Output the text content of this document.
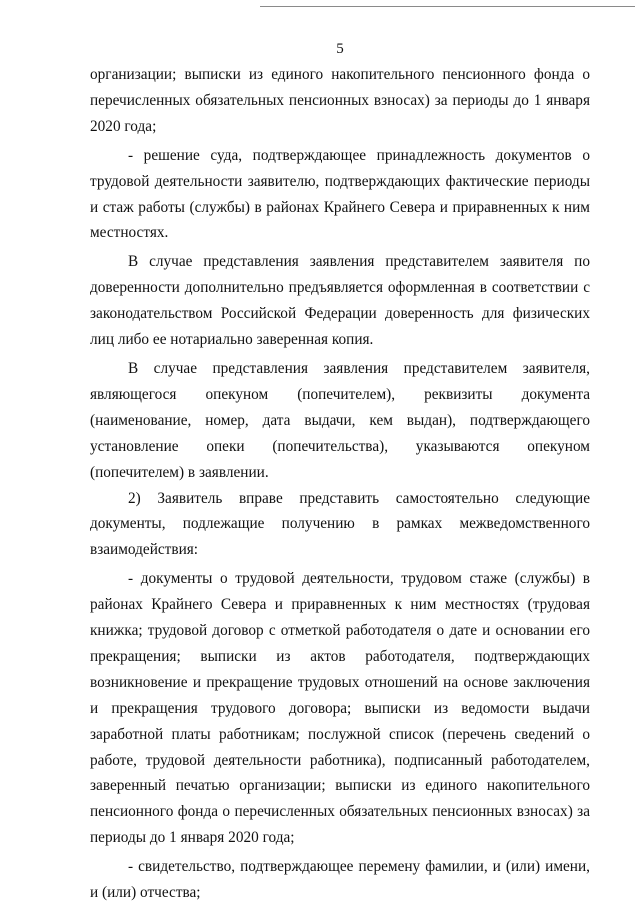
5

организации; выписки из единого накопительного пенсионного фонда о перечисленных обязательных пенсионных взносах) за периоды до 1 января 2020 года;

- решение суда, подтверждающее принадлежность документов о трудовой деятельности заявителю, подтверждающих фактические периоды и стаж работы (службы) в районах Крайнего Севера и приравненных к ним местностях.

В случае представления заявления представителем заявителя по доверенности дополнительно предъявляется оформленная в соответствии с законодательством Российской Федерации доверенность для физических лиц либо ее нотариально заверенная копия.

В случае представления заявления представителем заявителя, являющегося опекуном (попечителем), реквизиты документа (наименование, номер, дата выдачи, кем выдан), подтверждающего установление опеки (попечительства), указываются опекуном (попечителем) в заявлении.

2) Заявитель вправе представить самостоятельно следующие документы, подлежащие получению в рамках межведомственного взаимодействия:

- документы о трудовой деятельности, трудовом стаже (службы) в районах Крайнего Севера и приравненных к ним местностях (трудовая книжка; трудовой договор с отметкой работодателя о дате и основании его прекращения; выписки из актов работодателя, подтверждающих возникновение и прекращение трудовых отношений на основе заключения и прекращения трудового договора; выписки из ведомости выдачи заработной платы работникам; послужной список (перечень сведений о работе, трудовой деятельности работника), подписанный работодателем, заверенный печатью организации; выписки из единого накопительного пенсионного фонда о перечисленных обязательных пенсионных взносах) за периоды до 1 января 2020 года;

- свидетельство, подтверждающее перемену фамилии, и (или) имени, и (или) отчества;
